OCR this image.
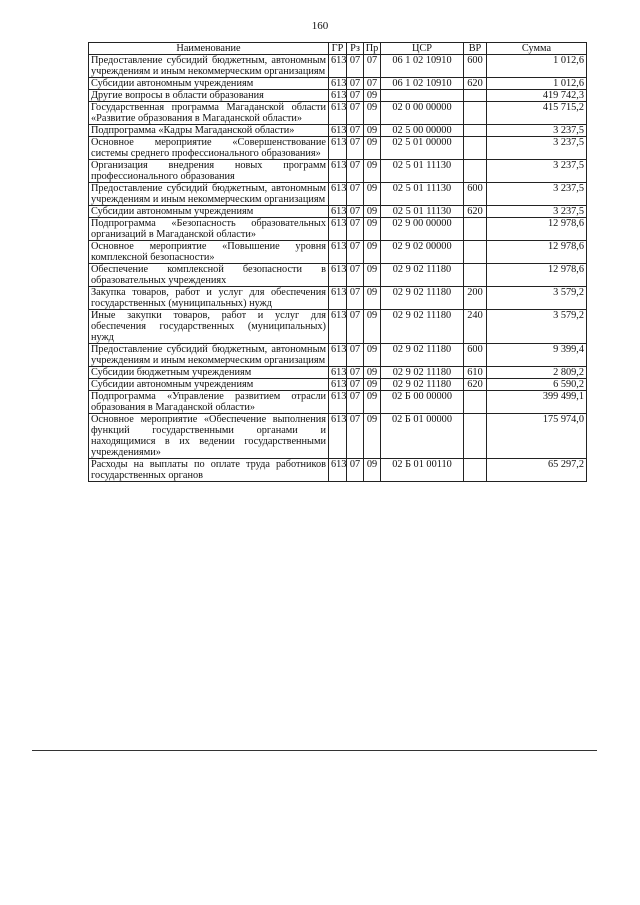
160
Наименование	ГР	Рз	Пр	ЦСР	ВР	Сумма
Предоставление субсидий бюджетным, автономным учреждениям и иным некоммерческим организациям	613	07	07	06 1 02 10910	600	1 012,6
Субсидии автономным учреждениям	613	07	07	06 1 02 10910	620	1 012,6
Другие вопросы в области образования	613	07	09			419 742,3
Государственная программа Магаданской области «Развитие образования в Магаданской области»	613	07	09	02 0 00 00000		415 715,2
Подпрограмма «Кадры Магаданской области»	613	07	09	02 5 00 00000		3 237,5
Основное мероприятие «Совершенствование системы среднего профессионального образования»	613	07	09	02 5 01 00000		3 237,5
Организация внедрения новых программ профессионального образования	613	07	09	02 5 01 11130		3 237,5
Предоставление субсидий бюджетным, автономным учреждениям и иным некоммерческим организациям	613	07	09	02 5 01 11130	600	3 237,5
Субсидии автономным учреждениям	613	07	09	02 5 01 11130	620	3 237,5
Подпрограмма «Безопасность образовательных организаций в Магаданской области»	613	07	09	02 9 00 00000		12 978,6
Основное мероприятие «Повышение уровня комплексной безопасности»	613	07	09	02 9 02 00000		12 978,6
Обеспечение комплексной безопасности в образовательных учреждениях	613	07	09	02 9 02 11180		12 978,6
Закупка товаров, работ и услуг для обеспечения государственных (муниципальных) нужд	613	07	09	02 9 02 11180	200	3 579,2
Иные закупки товаров, работ и услуг для обеспечения государственных (муниципальных) нужд	613	07	09	02 9 02 11180	240	3 579,2
Предоставление субсидий бюджетным, автономным учреждениям и иным некоммерческим организациям	613	07	09	02 9 02 11180	600	9 399,4
Субсидии бюджетным учреждениям	613	07	09	02 9 02 11180	610	2 809,2
Субсидии автономным учреждениям	613	07	09	02 9 02 11180	620	6 590,2
Подпрограмма «Управление развитием отрасли образования в Магаданской области»	613	07	09	02 Б 00 00000		399 499,1
Основное мероприятие «Обеспечение выполнения функций государственными органами и находящимися в их ведении государственными учреждениями»	613	07	09	02 Б 01 00000		175 974,0
Расходы на выплаты по оплате труда работников государственных органов	613	07	09	02 Б 01 00110		65 297,2
